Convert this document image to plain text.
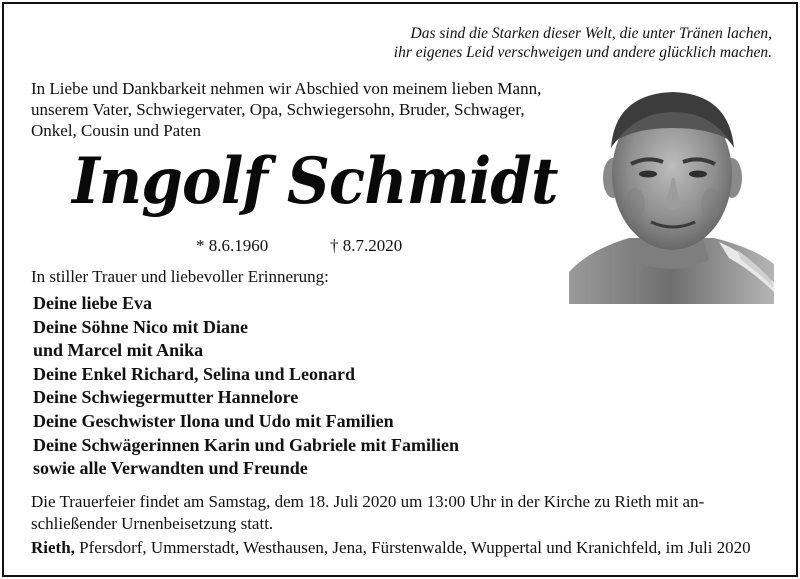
Das sind die Starken dieser Welt, die unter Tränen lachen,
ihr eigenes Leid verschweigen und andere glücklich machen.
In Liebe und Dankbarkeit nehmen wir Abschied von meinem lieben Mann,
unserem Vater, Schwiegervater, Opa, Schwiegersohn, Bruder, Schwager,
Onkel, Cousin und Paten
Ingolf Schmidt
* 8.6.1960	† 8.7.2020
In stiller Trauer und liebevoller Erinnerung:
Deine liebe Eva
Deine Söhne Nico mit Diane
und Marcel mit Anika
Deine Enkel Richard, Selina und Leonard
Deine Schwiegermutter Hannelore
Deine Geschwister Ilona und Udo mit Familien
Deine Schwägerinnen Karin und Gabriele mit Familien
sowie alle Verwandten und Freunde
Die Trauerfeier findet am Samstag, dem 18. Juli 2020 um 13:00 Uhr in der Kirche zu Rieth mit an-
schließender Urnenbeisetzung statt.
Rieth, Pfersdorf, Ummerstadt, Westhausen, Jena, Fürstenwalde, Wuppertal und Kranichfeld, im Juli 2020
